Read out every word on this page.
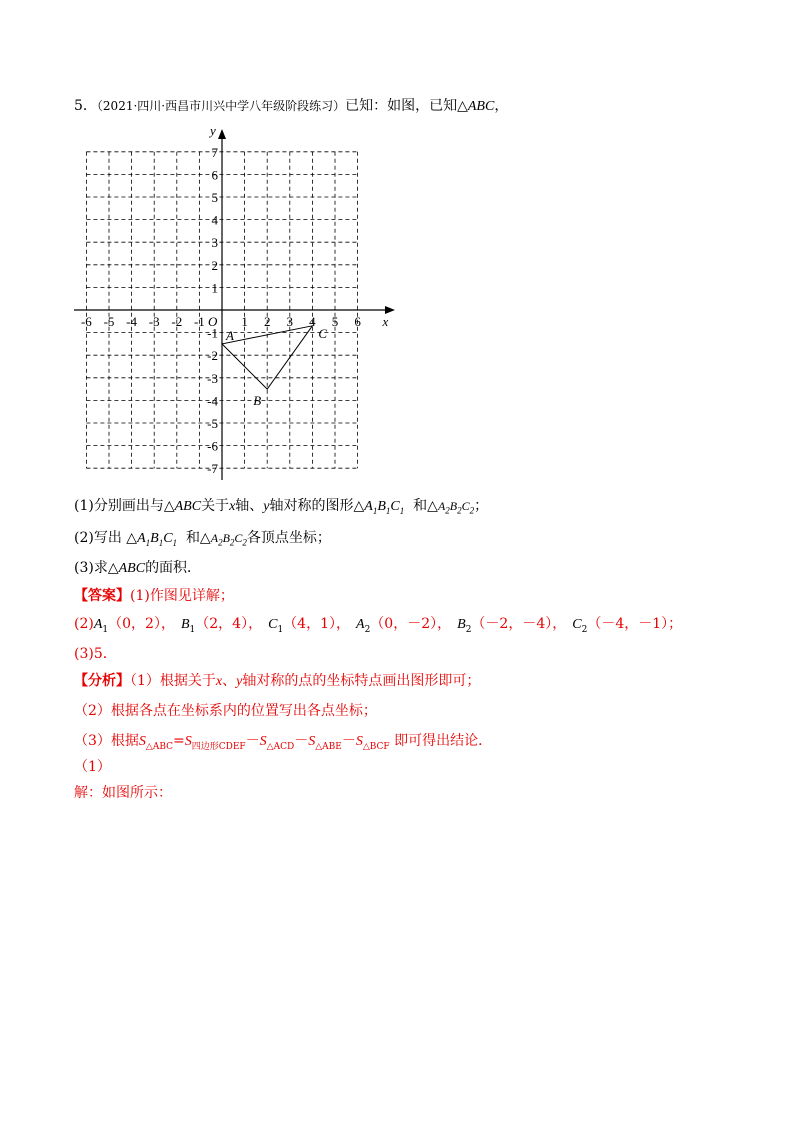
5．（2021·四川·西昌市川兴中学八年级阶段练习）已知：如图，已知△ABC，
x
y
O
-6 -5 -4 -3 -2 -1	1 2 3 4 5 6
7
6
5
4
3
2
1
-1
-2
-3
-4
-5
-6
-7
A
B
C
(1)分别画出与△ABC关于x轴、y轴对称的图形$\triangle A_1B_1C_1$ 和$\triangle A_2B_2C_2$；
(2)写出 $\triangle A_1B_1C_1$ 和$\triangle A_2B_2C_2$各顶点坐标；
(3)求△ABC的面积．
【答案】(1)作图见详解；
$(2)A_1(0$，2）， $B_1(2$，4）， $C_1(4$，1）， $A_2(0$，－2）， $B_2(-2$，－4）， $C_2(-4$，－1）；
(3)5．
【分析】（1）根据关于x、y轴对称的点的坐标特点画出图形即可；
（2）根据各点在坐标系内的位置写出各点坐标；
（3）根据$S_{\triangle ABC}=S_{四边形CDEF}-S_{\triangle ACD}-S_{\triangle ABE}-S_{\triangle BCF}$ 即可得出结论．
（1）
解：如图所示：
